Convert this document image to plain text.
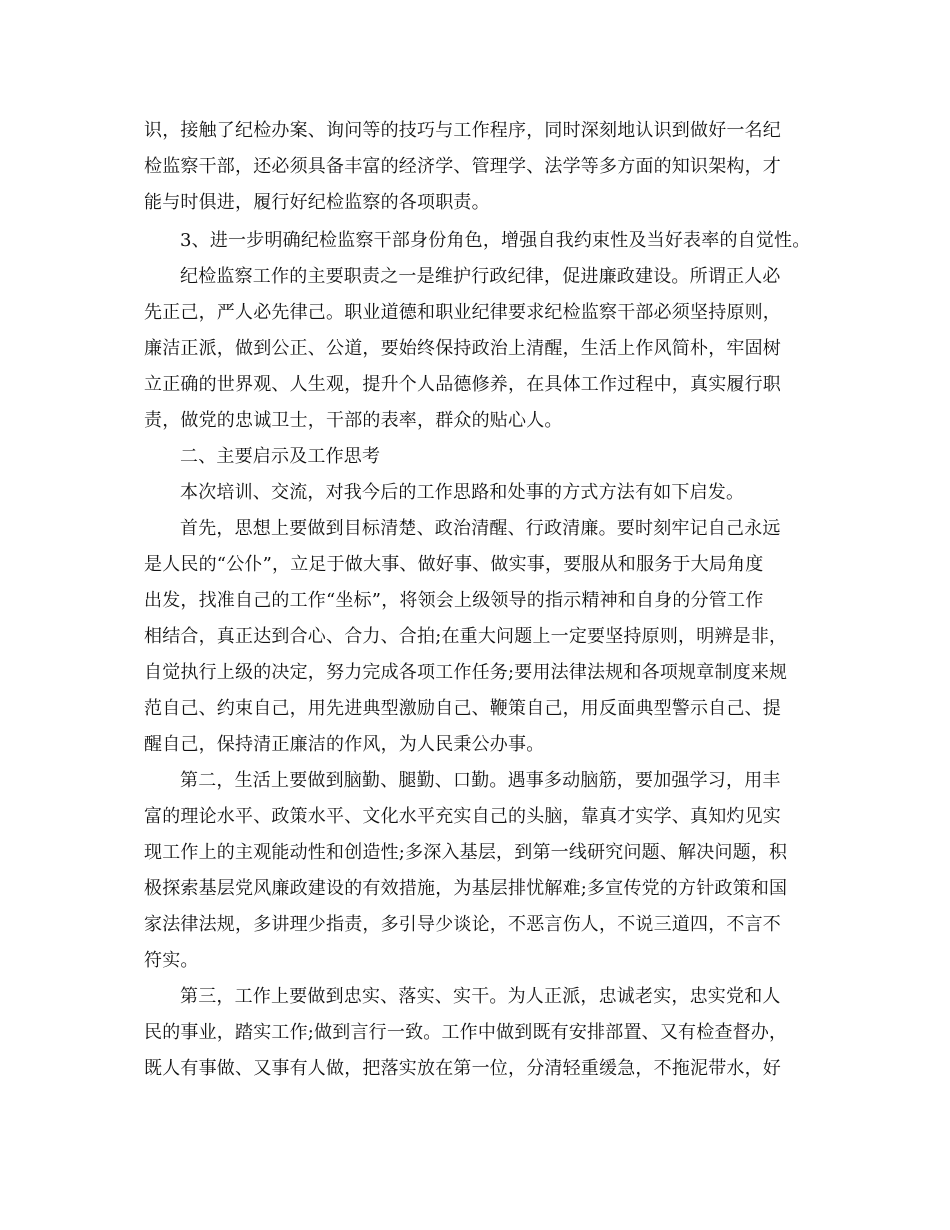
识，接触了纪检办案、询问等的技巧与工作程序，同时深刻地认识到做好一名纪
检监察干部，还必须具备丰富的经济学、管理学、法学等多方面的知识架构，才
能与时俱进，履行好纪检监察的各项职责。
3、进一步明确纪检监察干部身份角色，增强自我约束性及当好表率的自觉性。
纪检监察工作的主要职责之一是维护行政纪律，促进廉政建设。所谓正人必
先正己，严人必先律己。职业道德和职业纪律要求纪检监察干部必须坚持原则，
廉洁正派，做到公正、公道，要始终保持政治上清醒，生活上作风简朴，牢固树
立正确的世界观、人生观，提升个人品德修养，在具体工作过程中，真实履行职
责，做党的忠诚卫士，干部的表率，群众的贴心人。
二、主要启示及工作思考
本次培训、交流，对我今后的工作思路和处事的方式方法有如下启发。
首先，思想上要做到目标清楚、政治清醒、行政清廉。要时刻牢记自己永远
是人民的“公仆”，立足于做大事、做好事、做实事，要服从和服务于大局角度
出发，找准自己的工作“坐标”，将领会上级领导的指示精神和自身的分管工作
相结合，真正达到合心、合力、合拍;在重大问题上一定要坚持原则，明辨是非，
自觉执行上级的决定，努力完成各项工作任务;要用法律法规和各项规章制度来规
范自己、约束自己，用先进典型激励自己、鞭策自己，用反面典型警示自己、提
醒自己，保持清正廉洁的作风，为人民秉公办事。
第二，生活上要做到脑勤、腿勤、口勤。遇事多动脑筋，要加强学习，用丰
富的理论水平、政策水平、文化水平充实自己的头脑，靠真才实学、真知灼见实
现工作上的主观能动性和创造性;多深入基层，到第一线研究问题、解决问题，积
极探索基层党风廉政建设的有效措施，为基层排忧解难;多宣传党的方针政策和国
家法律法规，多讲理少指责，多引导少谈论，不恶言伤人，不说三道四，不言不
符实。
第三，工作上要做到忠实、落实、实干。为人正派，忠诚老实，忠实党和人
民的事业，踏实工作;做到言行一致。工作中做到既有安排部置、又有检查督办，
既人有事做、又事有人做，把落实放在第一位，分清轻重缓急，不拖泥带水，好
